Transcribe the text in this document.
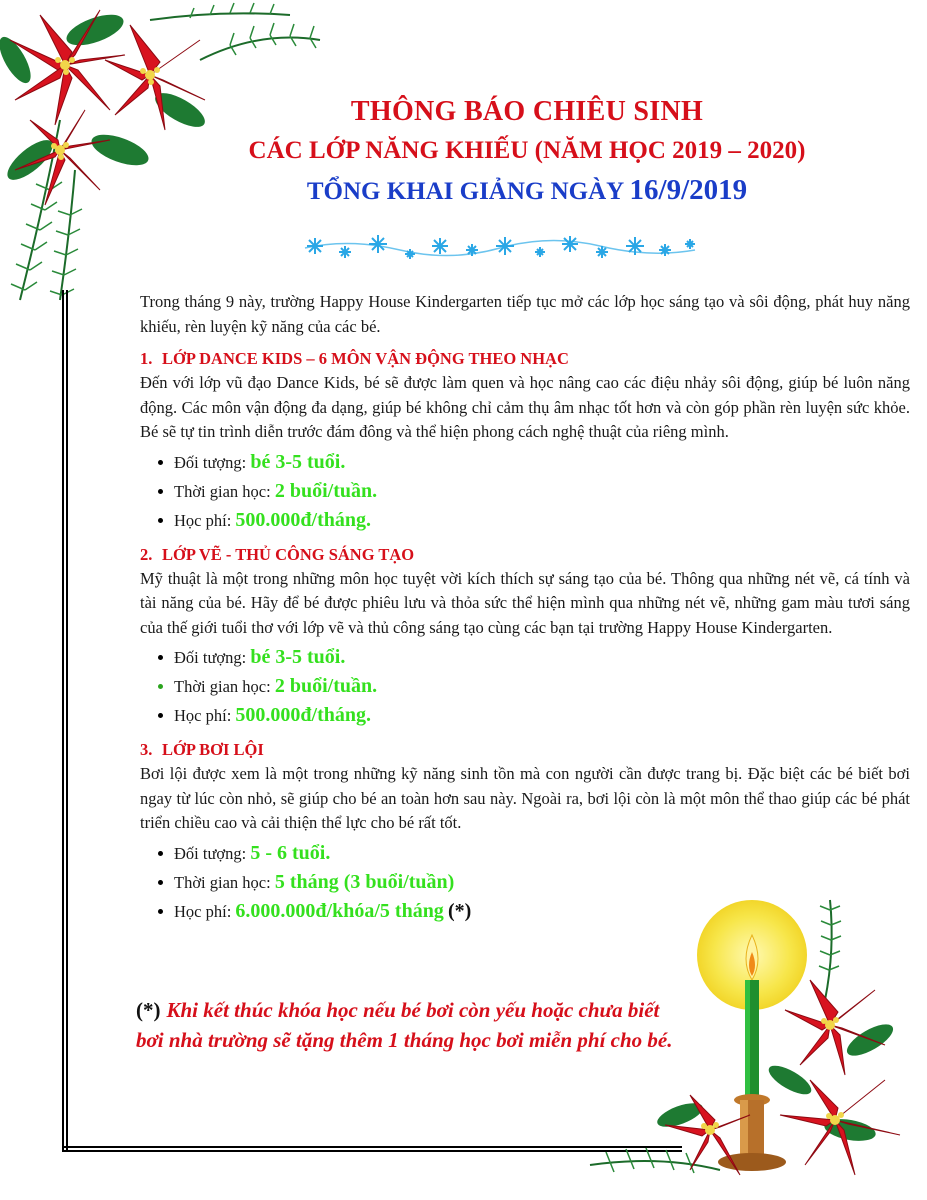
THÔNG BÁO CHIÊU SINH
CÁC LỚP NĂNG KHIẾU (NĂM HỌC 2019 – 2020)
TỔNG KHAI GIẢNG NGÀY 16/9/2019

Trong tháng 9 này, trường Happy House Kindergarten tiếp tục mở các lớp học sáng tạo và sôi động, phát huy năng khiếu, rèn luyện kỹ năng của các bé.

1. LỚP DANCE KIDS – 6 MÔN VẬN ĐỘNG THEO NHẠC

Đến với lớp vũ đạo Dance Kids, bé sẽ được làm quen và học nâng cao các điệu nhảy sôi động, giúp bé luôn năng động. Các môn vận động đa dạng, giúp bé không chỉ cảm thụ âm nhạc tốt hơn và còn góp phần rèn luyện sức khỏe. Bé sẽ tự tin trình diễn trước đám đông và thể hiện phong cách nghệ thuật của riêng mình.

Đối tượng: bé 3-5 tuổi.
Thời gian học: 2 buổi/tuần.
Học phí: 500.000đ/tháng.

2. LỚP VẼ - THỦ CÔNG SÁNG TẠO

Mỹ thuật là một trong những môn học tuyệt vời kích thích sự sáng tạo của bé. Thông qua những nét vẽ, cá tính và tài năng của bé. Hãy để bé được phiêu lưu và thỏa sức thể hiện mình qua những nét vẽ, những gam màu tươi sáng của thế giới tuổi thơ với lớp vẽ và thủ công sáng tạo cùng các bạn tại trường Happy House Kindergarten.

Đối tượng: bé 3-5 tuổi.
Thời gian học: 2 buổi/tuần.
Học phí: 500.000đ/tháng.

3. LỚP BƠI LỘI

Bơi lội được xem là một trong những kỹ năng sinh tồn mà con người cần được trang bị. Đặc biệt các bé biết bơi ngay từ lúc còn nhỏ, sẽ giúp cho bé an toàn hơn sau này. Ngoài ra, bơi lội còn là một môn thể thao giúp các bé phát triển chiều cao và cải thiện thể lực cho bé rất tốt.

Đối tượng: 5 - 6 tuổi.
Thời gian học: 5 tháng (3 buổi/tuần)
Học phí: 6.000.000đ/khóa/5 tháng (*)
(*) Khi kết thúc khóa học nếu bé bơi còn yếu hoặc chưa biết bơi nhà trường sẽ tặng thêm 1 tháng học bơi miễn phí cho bé.
